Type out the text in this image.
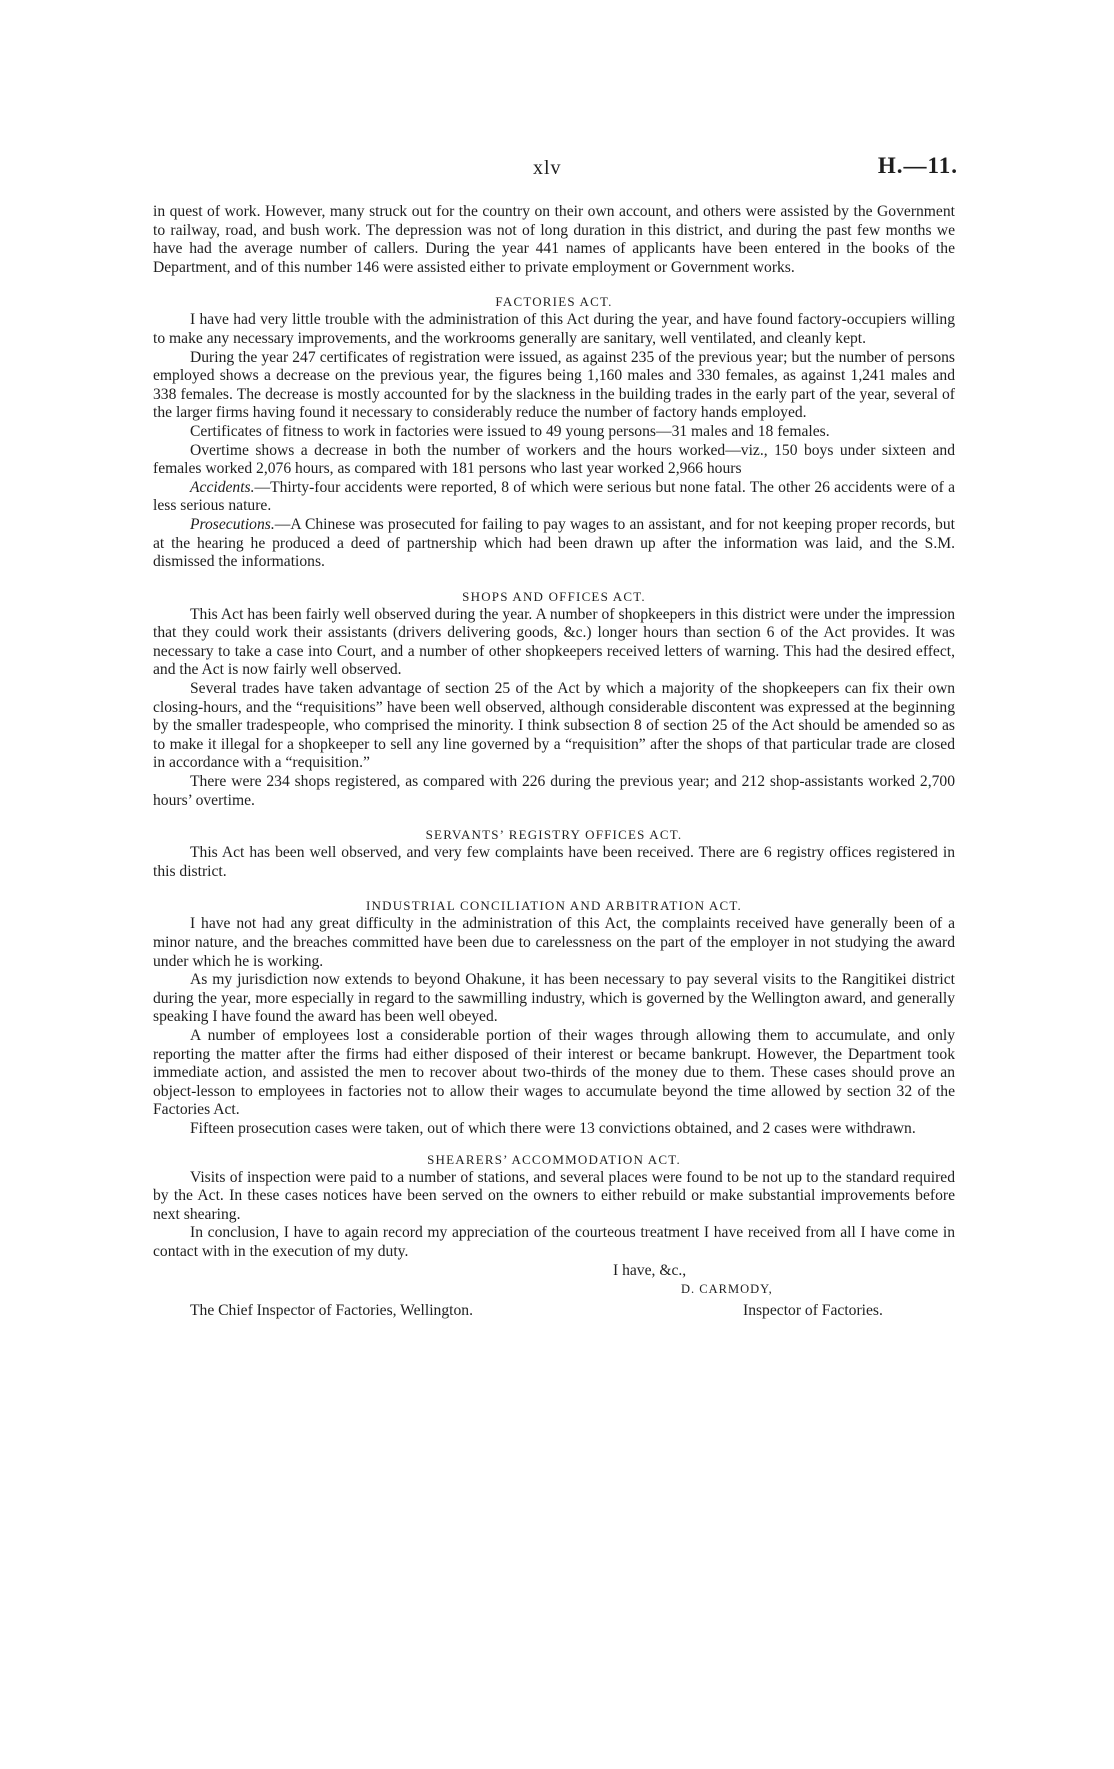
xlv	H.—11.

in quest of work. However, many struck out for the country on their own account, and others were assisted by the Government to railway, road, and bush work. The depression was not of long duration in this district, and during the past few months we have had the average number of callers. During the year 441 names of applicants have been entered in the books of the Department, and of this number 146 were assisted either to private employment or Government works.

FACTORIES ACT.

I have had very little trouble with the administration of this Act during the year, and have found factory-occupiers willing to make any necessary improvements, and the workrooms generally are sanitary, well ventilated, and cleanly kept.

During the year 247 certificates of registration were issued, as against 235 of the previous year; but the number of persons employed shows a decrease on the previous year, the figures being 1,160 males and 330 females, as against 1,241 males and 338 females. The decrease is mostly accounted for by the slackness in the building trades in the early part of the year, several of the larger firms having found it necessary to considerably reduce the number of factory hands employed.

Certificates of fitness to work in factories were issued to 49 young persons—31 males and 18 females.

Overtime shows a decrease in both the number of workers and the hours worked—viz., 150 boys under sixteen and females worked 2,076 hours, as compared with 181 persons who last year worked 2,966 hours

Accidents.—Thirty-four accidents were reported, 8 of which were serious but none fatal. The other 26 accidents were of a less serious nature.

Prosecutions.—A Chinese was prosecuted for failing to pay wages to an assistant, and for not keeping proper records, but at the hearing he produced a deed of partnership which had been drawn up after the information was laid, and the S.M. dismissed the informations.

SHOPS AND OFFICES ACT.

This Act has been fairly well observed during the year. A number of shopkeepers in this district were under the impression that they could work their assistants (drivers delivering goods, &c.) longer hours than section 6 of the Act provides. It was necessary to take a case into Court, and a number of other shopkeepers received letters of warning. This had the desired effect, and the Act is now fairly well observed.

Several trades have taken advantage of section 25 of the Act by which a majority of the shopkeepers can fix their own closing-hours, and the “requisitions” have been well observed, although considerable discontent was expressed at the beginning by the smaller tradespeople, who comprised the minority. I think subsection 8 of section 25 of the Act should be amended so as to make it illegal for a shopkeeper to sell any line governed by a “requisition” after the shops of that particular trade are closed in accordance with a “requisition.”

There were 234 shops registered, as compared with 226 during the previous year; and 212 shop-assistants worked 2,700 hours’ overtime.

SERVANTS’ REGISTRY OFFICES ACT.

This Act has been well observed, and very few complaints have been received. There are 6 registry offices registered in this district.

INDUSTRIAL CONCILIATION AND ARBITRATION ACT.

I have not had any great difficulty in the administration of this Act, the complaints received have generally been of a minor nature, and the breaches committed have been due to carelessness on the part of the employer in not studying the award under which he is working.

As my jurisdiction now extends to beyond Ohakune, it has been necessary to pay several visits to the Rangitikei district during the year, more especially in regard to the sawmilling industry, which is governed by the Wellington award, and generally speaking I have found the award has been well obeyed.

A number of employees lost a considerable portion of their wages through allowing them to accumulate, and only reporting the matter after the firms had either disposed of their interest or became bankrupt. However, the Department took immediate action, and assisted the men to recover about two-thirds of the money due to them. These cases should prove an object-lesson to employees in factories not to allow their wages to accumulate beyond the time allowed by section 32 of the Factories Act.

Fifteen prosecution cases were taken, out of which there were 13 convictions obtained, and 2 cases were withdrawn.

SHEARERS’ ACCOMMODATION ACT.

Visits of inspection were paid to a number of stations, and several places were found to be not up to the standard required by the Act. In these cases notices have been served on the owners to either rebuild or make substantial improvements before next shearing.

In conclusion, I have to again record my appreciation of the courteous treatment I have received from all I have come in contact with in the execution of my duty.

I have, &c.,
D. CARMODY,
The Chief Inspector of Factories, Wellington.	Inspector of Factories.
